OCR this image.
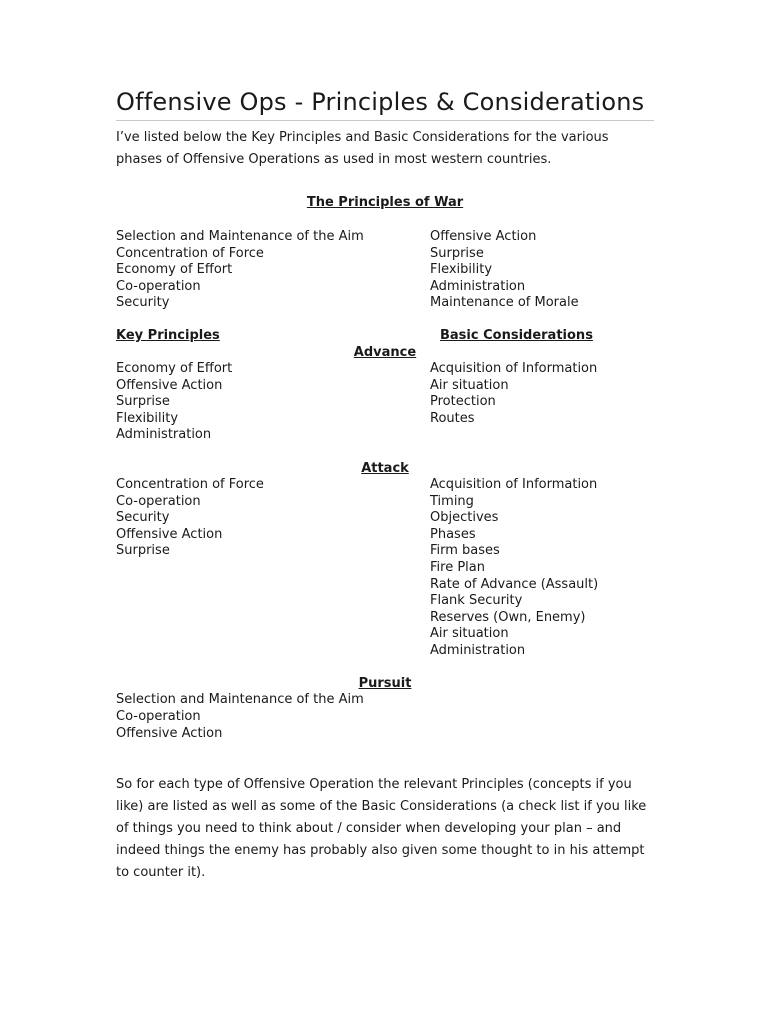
Offensive Ops - Principles & Considerations
I’ve listed below the Key Principles and Basic Considerations for the various phases of Offensive Operations as used in most western countries.
The Principles of War
Selection and Maintenance of the Aim
Concentration of Force
Economy of Effort
Co-operation
Security
Offensive Action
Surprise
Flexibility
Administration
Maintenance of Morale
Key Principles	Basic Considerations
Advance
Economy of Effort
Offensive Action
Surprise
Flexibility
Administration
Acquisition of Information
Air situation
Protection
Routes
Attack
Concentration of Force
Co-operation
Security
Offensive Action
Surprise
Acquisition of Information
Timing
Objectives
Phases
Firm bases
Fire Plan
Rate of Advance (Assault)
Flank Security
Reserves (Own, Enemy)
Air situation
Administration
Pursuit
Selection and Maintenance of the Aim
Co-operation
Offensive Action
So for each type of Offensive Operation the relevant Principles (concepts if you like) are listed as well as some of the Basic Considerations (a check list if you like of things you need to think about / consider when developing your plan – and indeed things the enemy has probably also given some thought to in his attempt to counter it).
